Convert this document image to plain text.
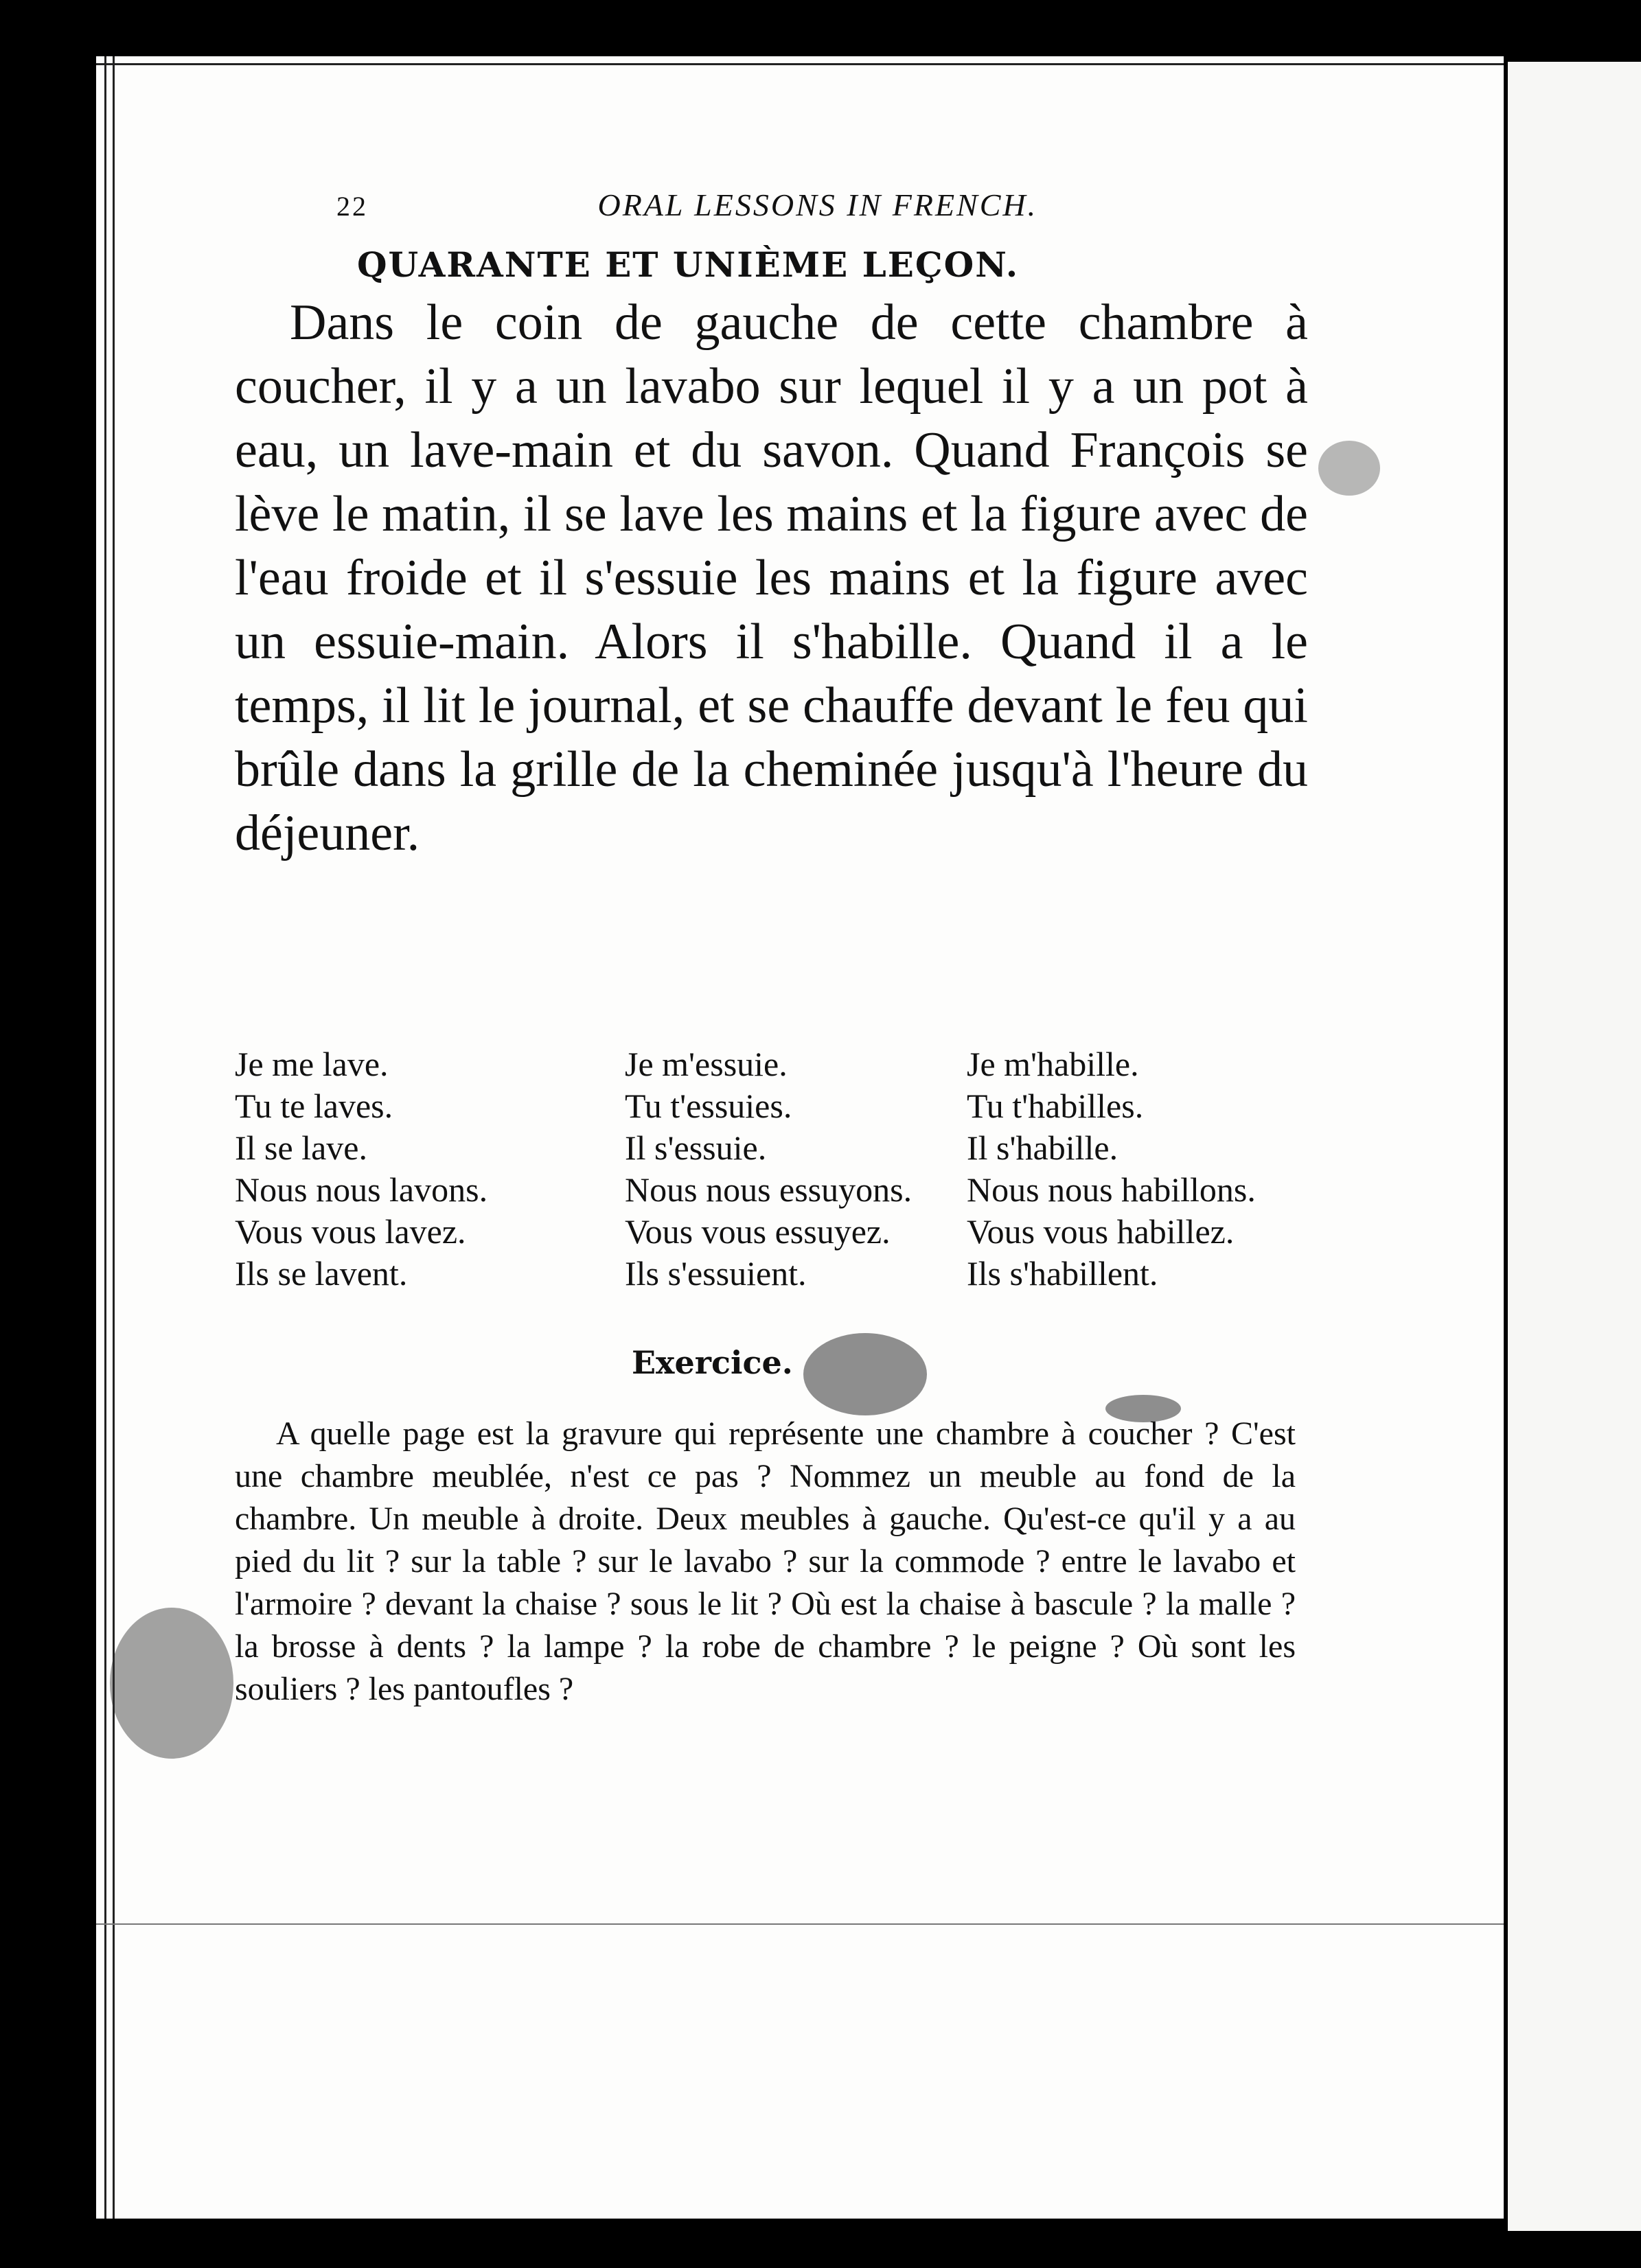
22	ORAL LESSONS IN FRENCH.
QUARANTE ET UNIÈME LEÇON.

Dans le coin de gauche de cette chambre à coucher, il y a un lavabo sur lequel il y a un pot à eau, un lave-main et du savon. Quand François se lève le matin, il se lave les mains et la figure avec de l'eau froide et il s'essuie les mains et la figure avec un essuie-main. Alors il s'habille. Quand il a le temps, il lit le journal, et se chauffe devant le feu qui brûle dans la grille de la cheminée jusqu'à l'heure du déjeuner.

Je me lave.
Tu te laves.
Il se lave.
Nous nous lavons.
Vous vous lavez.
Ils se lavent.
Je m'essuie.
Tu t'essuies.
Il s'essuie.
Nous nous essuyons.
Vous vous essuyez.
Ils s'essuient.
Je m'habille.
Tu t'habilles.
Il s'habille.
Nous nous habillons.
Vous vous habillez.
Ils s'habillent.
Exercice.

A quelle page est la gravure qui représente une chambre à coucher ? C'est une chambre meublée, n'est ce pas ? Nommez un meuble au fond de la chambre. Un meuble à droite. Deux meubles à gauche. Qu'est-ce qu'il y a au pied du lit ? sur la table ? sur le lavabo ? sur la commode ? entre le lavabo et l'armoire ? devant la chaise ? sous le lit ? Où est la chaise à bascule ? la malle ? la brosse à dents ? la lampe ? la robe de chambre ? le peigne ? Où sont les souliers ? les pantoufles ?
